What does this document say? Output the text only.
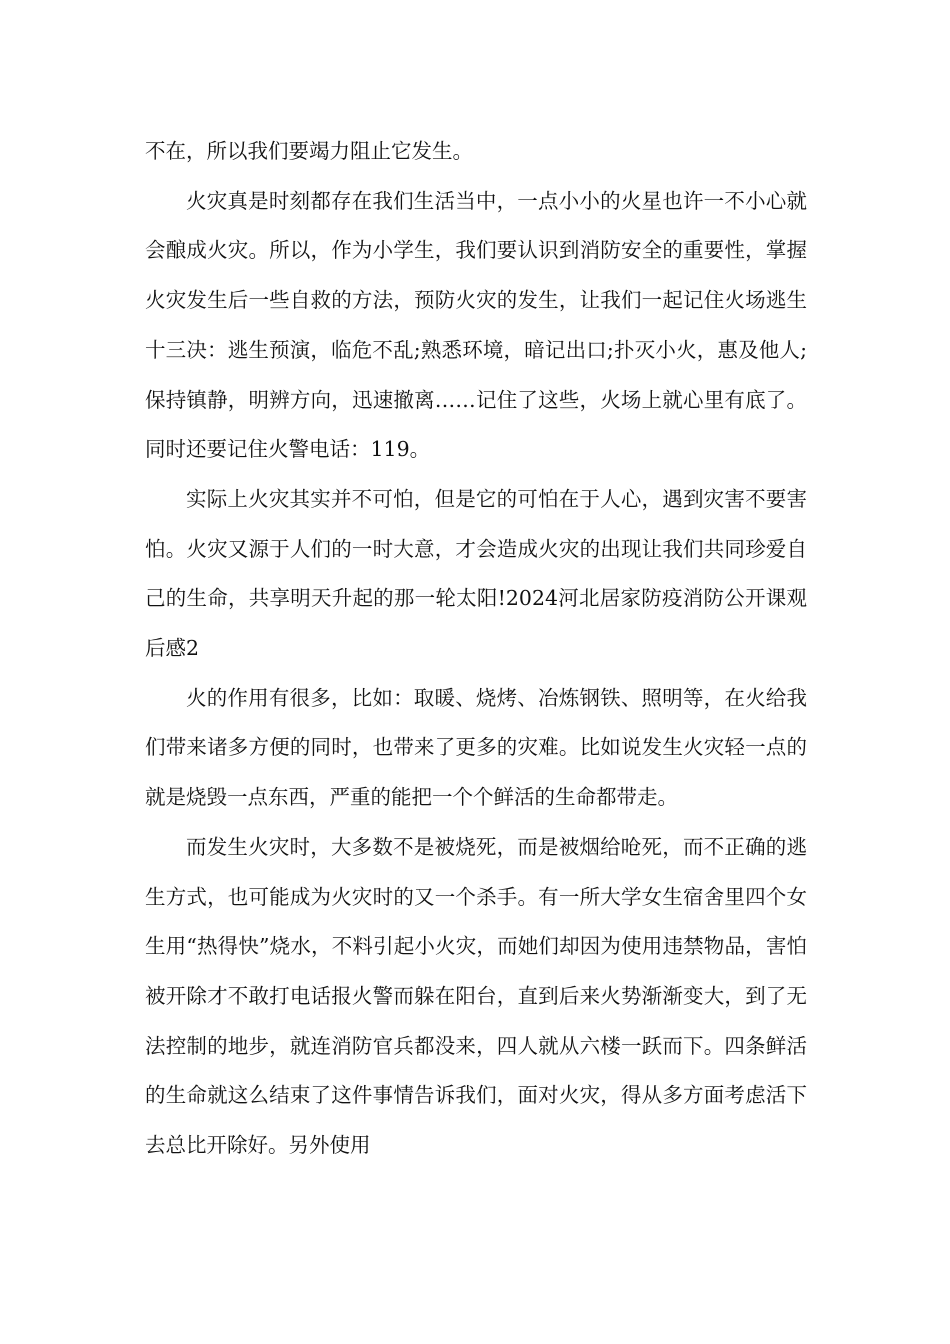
不在，所以我们要竭力阻止它发生。

火灾真是时刻都存在我们生活当中，一点小小的火星也许一不小心就会酿成火灾。所以，作为小学生，我们要认识到消防安全的重要性，掌握火灾发生后一些自救的方法，预防火灾的发生，让我们一起记住火场逃生十三决：逃生预演，临危不乱;熟悉环境，暗记出口;扑灭小火，惠及他人;保持镇静，明辨方向，迅速撤离……记住了这些，火场上就心里有底了。同时还要记住火警电话：119。

实际上火灾其实并不可怕，但是它的可怕在于人心，遇到灾害不要害怕。火灾又源于人们的一时大意，才会造成火灾的出现让我们共同珍爱自己的生命，共享明天升起的那一轮太阳!2024河北居家防疫消防公开课观后感2

火的作用有很多，比如：取暖、烧烤、冶炼钢铁、照明等，在火给我们带来诸多方便的同时，也带来了更多的灾难。比如说发生火灾轻一点的就是烧毁一点东西，严重的能把一个个鲜活的生命都带走。

而发生火灾时，大多数不是被烧死，而是被烟给呛死，而不正确的逃生方式，也可能成为火灾时的又一个杀手。有一所大学女生宿舍里四个女生用“热得快”烧水，不料引起小火灾，而她们却因为使用违禁物品，害怕被开除才不敢打电话报火警而躲在阳台，直到后来火势渐渐变大，到了无法控制的地步，就连消防官兵都没来，四人就从六楼一跃而下。四条鲜活的生命就这么结束了这件事情告诉我们，面对火灾，得从多方面考虑活下去总比开除好。另外使用
